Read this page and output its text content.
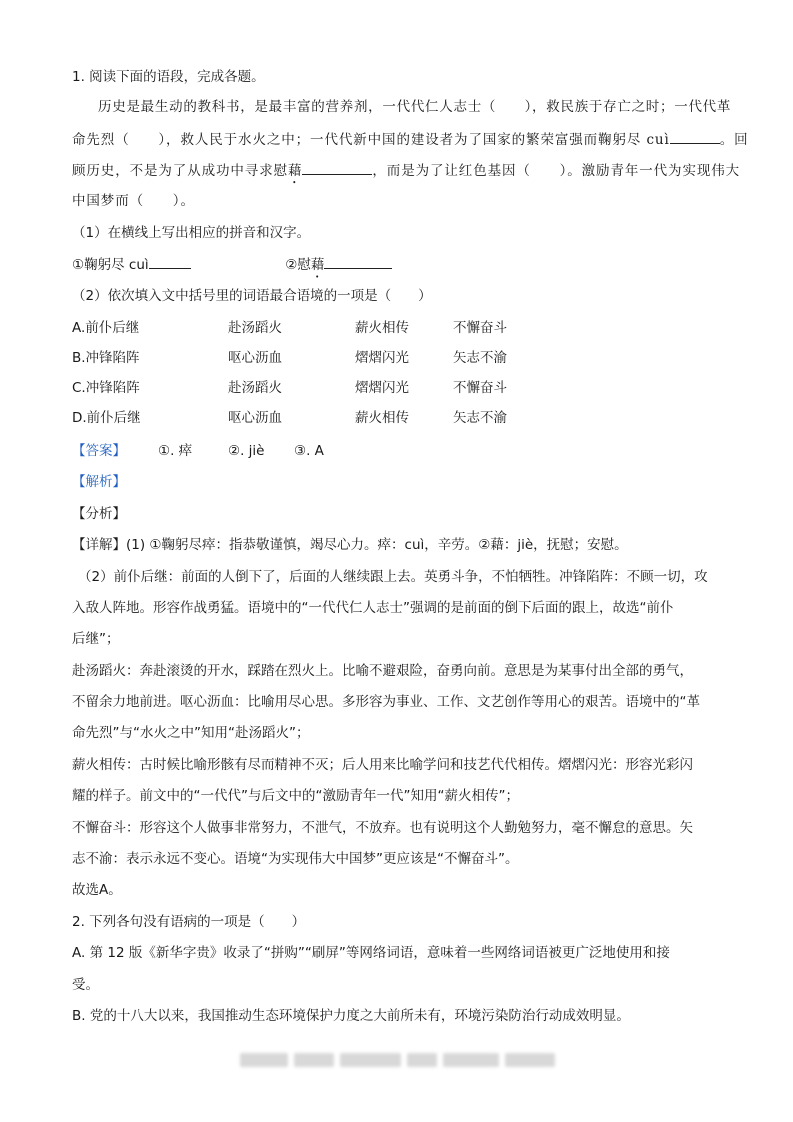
1. 阅读下面的语段，完成各题。
历史是最生动的教科书，是最丰富的营养剂，一代代仁人志士（　　），救民族于存亡之时；一代代革
命先烈（　　），救人民于水火之中；一代代新中国的建设者为了国家的繁荣富强而鞠躬尽 cuì	。回
顾历史，不是为了从成功中寻求慰藉	，而是为了让红色基因（　　）。激励青年一代为实现伟大
中国梦而（　　）。
（1）在横线上写出相应的拼音和汉字。
①鞠躬尽 cuì	②慰藉
（2）依次填入文中括号里的词语最合语境的一项是（　　）
A.前仆后继	赴汤蹈火	薪火相传	不懈奋斗
B.冲锋陷阵	呕心沥血	熠熠闪光	矢志不渝
C.冲锋陷阵	赴汤蹈火	熠熠闪光	不懈奋斗
D.前仆后继	呕心沥血	薪火相传	矢志不渝
【答案】 ①. 瘁	②. jiè ③. A
【解析】
【分析】
【详解】(1) ①鞠躬尽瘁：指恭敬谨慎，竭尽心力。瘁：cuì，辛劳。②藉：jiè，抚慰；安慰。
（2）前仆后继：前面的人倒下了，后面的人继续跟上去。英勇斗争，不怕牺牲。冲锋陷阵：不顾一切，攻
入敌人阵地。形容作战勇猛。语境中的“一代代仁人志士”强调的是前面的倒下后面的跟上，故选“前仆
后继”；
赴汤蹈火：奔赴滚烫的开水，踩踏在烈火上。比喻不避艰险，奋勇向前。意思是为某事付出全部的勇气，
不留余力地前进。呕心沥血：比喻用尽心思。多形容为事业、工作、文艺创作等用心的艰苦。语境中的“革
命先烈”与“水火之中”知用“赴汤蹈火”；
薪火相传：古时候比喻形骸有尽而精神不灭；后人用来比喻学问和技艺代代相传。熠熠闪光：形容光彩闪
耀的样子。前文中的“一代代”与后文中的“激励青年一代”知用“薪火相传”；
不懈奋斗：形容这个人做事非常努力，不泄气，不放弃。也有说明这个人勤勉努力，毫不懈怠的意思。矢
志不渝：表示永远不变心。语境“为实现伟大中国梦”更应该是“不懈奋斗”。
故选A。
2. 下列各句没有语病的一项是（　　）
A. 第 12 版《新华字贵》收录了“拼购”“刷屏”等网络词语，意味着一些网络词语被更广泛地使用和接
受。
B. 党的十八大以来，我国推动生态环境保护力度之大前所未有，环境污染防治行动成效明显。
